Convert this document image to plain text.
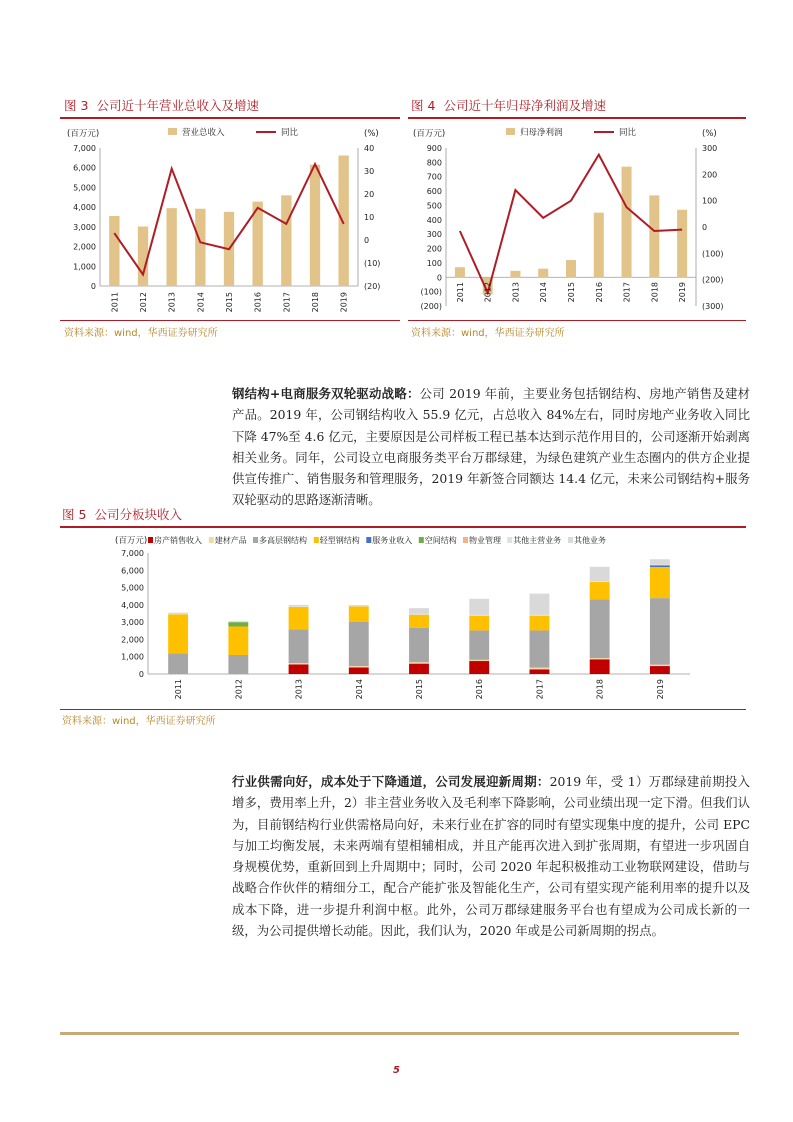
图 3 公司近十年营业总收入及增速	图 4 公司近十年归母净利润及增速
(百万元)	(%)
营业总收入	同比
7,000
6,000
5,000
4,000
3,000
2,000
1,000
0
40
30
20
10
0
(10)
(20)
2011 2012 2013 2014 2015 2016 2017 2018 2019
(百万元)	(%)
归母净利润	同比
900
800
700
600
500
400
300
200
100
0
(100)
(200)
300
200
100
0
(100)
(200)
(300)
2011 2012 2013 2014 2015 2016 2017 2018 2019
资料来源：wind，华西证券研究所	资料来源：wind，华西证券研究所
钢结构+电商服务双轮驱动战略：公司 2019 年前，主要业务包括钢结构、房地产销售及建材产品。2019 年，公司钢结构收入 55.9 亿元，占总收入 84%左右，同时房地产业务收入同比下降 47%至 4.6 亿元，主要原因是公司样板工程已基本达到示范作用目的，公司逐渐开始剥离相关业务。同年，公司设立电商服务类平台万郡绿建，为绿色建筑产业生态圈内的供方企业提供宣传推广、销售服务和管理服务，2019 年新签合同额达 14.4 亿元，未来公司钢结构+服务双轮驱动的思路逐渐清晰。
图 5 公司分板块收入
(百万元) 房产销售收入 建材产品 多高层钢结构 轻型钢结构 服务业收入 空间结构 物业管理 其他主营业务 其他业务
7,000
6,000
5,000
4,000
3,000
2,000
1,000
0
2011	2012	2013	2014	2015	2016	2017	2018	2019
资料来源：wind，华西证券研究所
行业供需向好，成本处于下降通道，公司发展迎新周期：2019 年，受 1）万郡绿建前期投入增多，费用率上升，2）非主营业务收入及毛利率下降影响，公司业绩出现一定下滑。但我们认为，目前钢结构行业供需格局向好，未来行业在扩容的同时有望实现集中度的提升，公司 EPC 与加工均衡发展，未来两端有望相辅相成，并且产能再次进入到扩张周期，有望进一步巩固自身规模优势，重新回到上升周期中；同时，公司 2020 年起积极推动工业物联网建设，借助与战略合作伙伴的精细分工，配合产能扩张及智能化生产，公司有望实现产能利用率的提升以及成本下降，进一步提升利润中枢。此外，公司万郡绿建服务平台也有望成为公司成长新的一级，为公司提供增长动能。因此，我们认为，2020 年或是公司新周期的拐点。
5
